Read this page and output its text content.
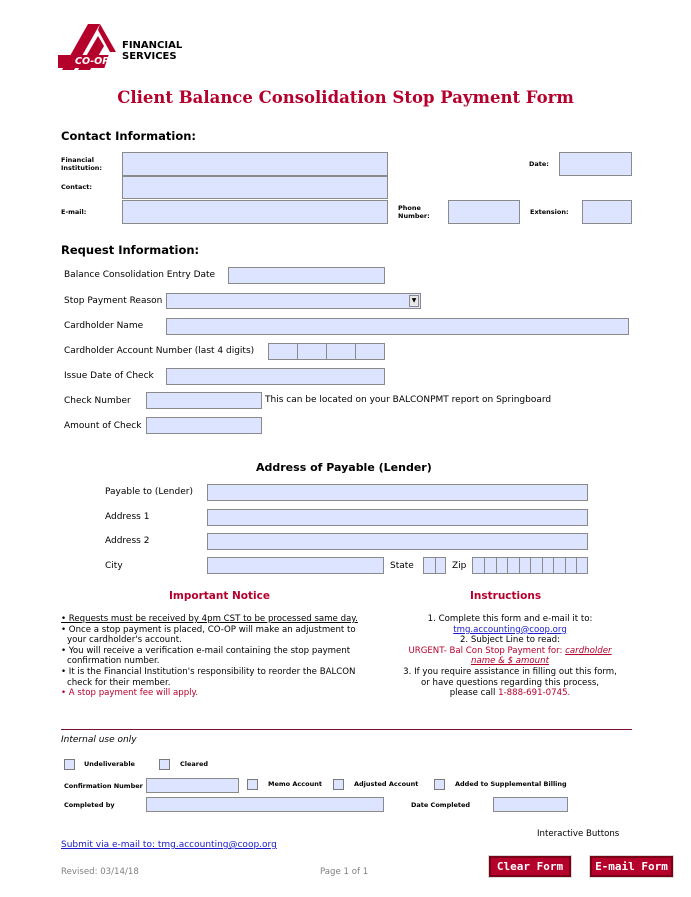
CO-OP
FINANCIAL
SERVICES
Client Balance Consolidation Stop Payment Form
Contact Information:
Financial
Institution:	Date:
Contact:
E-mail:	Phone
Number:	Extension:
Request Information:
Balance Consolidation Entry Date
Stop Payment Reason	▼
Cardholder Name
Cardholder Account Number (last 4 digits)
Issue Date of Check
Check Number	This can be located on your BALCONPMT report on Springboard
Amount of Check
Address of Payable (Lender)
Payable to (Lender)
Address 1
Address 2
City	State	Zip
Important Notice
• Requests must be received by 4pm CST to be processed same day.
• Once a stop payment is placed, CO-OP will make an adjustment to
your cardholder's account.
• You will receive a verification e-mail containing the stop payment
confirmation number.
• It is the Financial Institution's responsibility to reorder the BALCON
check for their member.
• A stop payment fee will apply.
Instructions
1. Complete this form and e-mail it to:
tmg.accounting@coop.org
2. Subject Line to read:
URGENT- Bal Con Stop Payment for: cardholder
name & $ amount
3. If you require assistance in filling out this form,
or have questions regarding this process,
please call 1-888-691-0745.
Internal use only
Undeliverable	Cleared
Confirmation Number	Memo Account	Adjusted Account	Added to Supplemental Billing
Completed by	Date Completed
Interactive Buttons
Submit via e-mail to: tmg.accounting@coop.org
Clear Form	E-mail Form
Revised: 03/14/18	Page 1 of 1
